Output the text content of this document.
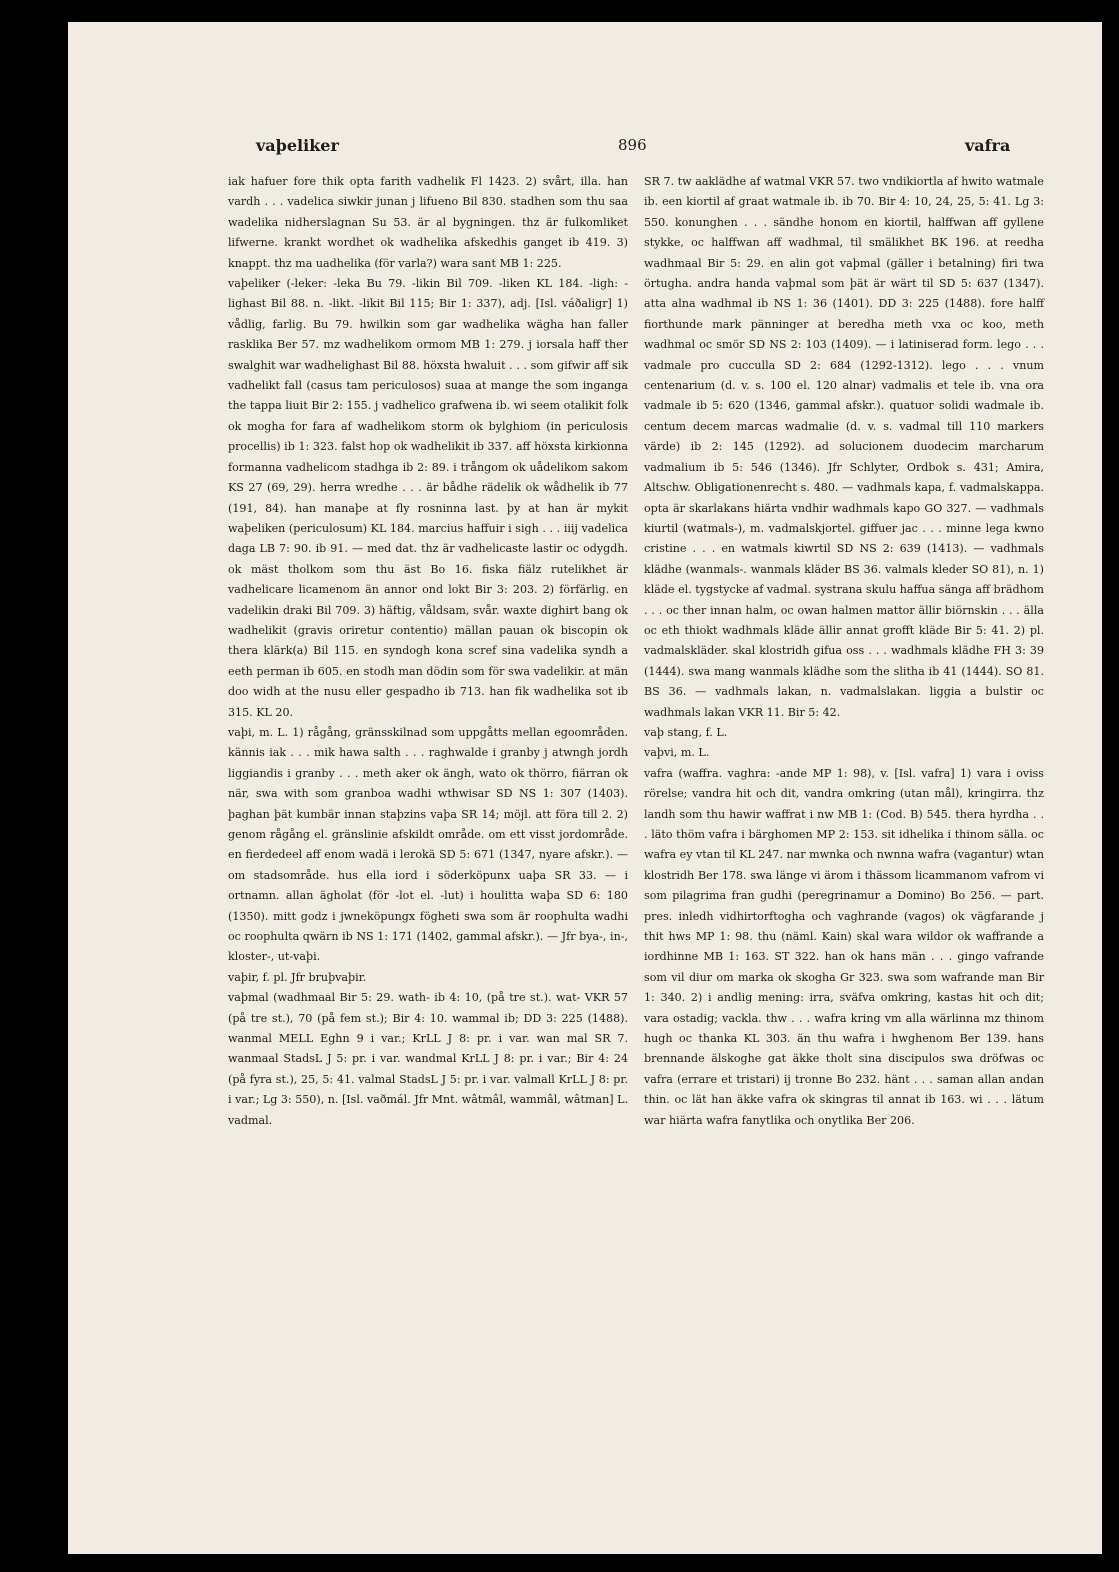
vaþeliker	896	vafra

iak hafuer fore thik opta farith vadhelik Fl 1423. 2) svårt, illa. han vardh . . . vadelica siwkir junan j lifueno Bil 830. stadhen som thu saa wadelika nidherslagnan Su 53. är al bygningen. thz är fulkomliket lifwerne. krankt wordhet ok wadhelika afskedhis ganget ib 419. 3) knappt. thz ma uadhelika (för varla?) wara sant MB 1: 225.

vaþeliker (-leker: -leka Bu 79. -likin Bil 709. -liken KL 184. -ligh: -lighast Bil 88. n. -likt. -likit Bil 115; Bir 1: 337), adj. [Isl. váðaligr] 1) vådlig, farlig. Bu 79. hwilkin som gar wadhelika wägha han faller rasklika Ber 57. mz wadhelikom ormom MB 1: 279. j iorsala haff ther swalghit war wadhelighast Bil 88. höxsta hwaluit . . . som gifwir aff sik vadhelikt fall (casus tam periculosos) suaa at mange the som inganga the tappa liuit Bir 2: 155. j vadhelico grafwena ib. wi seem otalikit folk ok mogha for fara af wadhelikom storm ok bylghiom (in periculosis procellis) ib 1: 323. falst hop ok wadhelikit ib 337. aff höxsta kirkionna formanna vadhelicom stadhga ib 2: 89. i trångom ok uådelikom sakom KS 27 (69, 29). herra wredhe . . . är bådhe rädelik ok wådhelik ib 77 (191, 84). han manaþe at fly rosninna last. þy at han är mykit waþeliken (periculosum) KL 184. marcius haffuir i sigh . . . iiij vadelica daga LB 7: 90. ib 91. — med dat. thz är vadhelicaste lastir oc odygdh. ok mäst tholkom som thu äst Bo 16. fiska fiälz rutelikhet är vadhelicare licamenom än annor ond lokt Bir 3: 203. 2) förfärlig. en vadelikin draki Bil 709. 3) häftig, våldsam, svår. waxte dighirt bang ok wadhelikit (gravis oriretur contentio) mällan pauan ok biscopin ok thera klärk(a) Bil 115. en syndogh kona scref sina vadelika syndh a eeth perman ib 605. en stodh man dödin som för swa vadelikir. at män doo widh at the nusu eller gespadho ib 713. han fik wadhelika sot ib 315. KL 20.

vaþi, m. L. 1) rågång, gränsskilnad som uppgåtts mellan egoområden. kännis iak . . . mik hawa salth . . . raghwalde i granby j atwngh jordh liggiandis i granby . . . meth aker ok ängh, wato ok thörro, fiärran ok när, swa with som granboa wadhi wthwisar SD NS 1: 307 (1403). þaghan þät kumbär innan staþzins vaþa SR 14; möjl. att föra till 2. 2) genom rågång el. gränslinie afskildt område. om ett visst jordområde. en fierdedeel aff enom wadä i lerokä SD 5: 671 (1347, nyare afskr.). — om stadsområde. hus ella iord i söderköpunx uaþa SR 33. — i ortnamn. allan ägholat (för -lot el. -lut) i houlitta waþa SD 6: 180 (1350). mitt godz i jwneköpungx fögheti swa som är roophulta wadhi oc roophulta qwärn ib NS 1: 171 (1402, gammal afskr.). — Jfr bya-, in-, kloster-, ut-vaþi.

vaþir, f. pl. Jfr bruþvaþir.

vaþmal (wadhmaal Bir 5: 29. wath- ib 4: 10, (på tre st.). wat- VKR 57 (på tre st.), 70 (på fem st.); Bir 4: 10. wammal ib; DD 3: 225 (1488). wanmal MELL Eghn 9 i var.; KrLL J 8: pr. i var. wan mal SR 7. wanmaal StadsL J 5: pr. i var. wandmal KrLL J 8: pr. i var.; Bir 4: 24 (på fyra st.), 25, 5: 41. valmal StadsL J 5: pr. i var. valmall KrLL J 8: pr. i var.; Lg 3: 550), n. [Isl. vaðmál. Jfr Mnt. wâtmâl, wammâl, wâtman] L. vadmal.

SR 7. tw aaklädhe af watmal VKR 57. two vndikiortla af hwito watmale ib. een kiortil af graat watmale ib. ib 70. Bir 4: 10, 24, 25, 5: 41. Lg 3: 550. konunghen . . . sändhe honom en kiortil, halffwan aff gyllene stykke, oc halffwan aff wadhmal, til smälikhet BK 196. at reedha wadhmaal Bir 5: 29. en alin got vaþmal (gäller i betalning) firi twa örtugha. andra handa vaþmal som þät är wärt til SD 5: 637 (1347). atta alna wadhmal ib NS 1: 36 (1401). DD 3: 225 (1488). fore halff fiorthunde mark pänninger at beredha meth vxa oc koo, meth wadhmal oc smör SD NS 2: 103 (1409). — i latiniserad form. lego . . . vadmale pro cucculla SD 2: 684 (1292-1312). lego . . . vnum centenarium (d. v. s. 100 el. 120 alnar) vadmalis et tele ib. vna ora vadmale ib 5: 620 (1346, gammal afskr.). quatuor solidi wadmale ib. centum decem marcas wadmalie (d. v. s. vadmal till 110 markers värde) ib 2: 145 (1292). ad solucionem duodecim marcharum vadmalium ib 5: 546 (1346). Jfr Schlyter, Ordbok s. 431; Amira, Altschw. Obligationenrecht s. 480. — vadhmals kapa, f. vadmalskappa. opta är skarlakans hiärta vndhir wadhmals kapo GO 327. — vadhmals kiurtil (watmals-), m. vadmalskjortel. giffuer jac . . . minne lega kwno cristine . . . en watmals kiwrtil SD NS 2: 639 (1413). — vadhmals klädhe (wanmals-. wanmals kläder BS 36. valmals kleder SO 81), n. 1) kläde el. tygstycke af vadmal. systrana skulu haffua sänga aff brädhom . . . oc ther innan halm, oc owan halmen mattor ällir biörnskin . . . älla oc eth thiokt wadhmals kläde ällir annat grofft kläde Bir 5: 41. 2) pl. vadmalskläder. skal klostridh gifua oss . . . wadhmals klädhe FH 3: 39 (1444). swa mang wanmals klädhe som the slitha ib 41 (1444). SO 81. BS 36. — vadhmals lakan, n. vadmalslakan. liggia a bulstir oc wadhmals lakan VKR 11. Bir 5: 42.

vaþ stang, f. L.

vaþvi, m. L.

vafra (waffra. vaghra: -ande MP 1: 98), v. [Isl. vafra] 1) vara i oviss rörelse; vandra hit och dit, vandra omkring (utan mål), kringirra. thz landh som thu hawir waffrat i nw MB 1: (Cod. B) 545. thera hyrdha . . . läto thöm vafra i bärghomen MP 2: 153. sit idhelika i thinom sälla. oc wafra ey vtan til KL 247. nar mwnka och nwnna wafra (vagantur) wtan klostridh Ber 178. swa länge vi ärom i thässom licammanom vafrom vi som pilagrima fran gudhi (peregrinamur a Domino) Bo 256. — part. pres. inledh vidhirtorftogha och vaghrande (vagos) ok vägfarande j thit hws MP 1: 98. thu (näml. Kain) skal wara wildor ok waffrande a iordhinne MB 1: 163. ST 322. han ok hans män . . . gingo vafrande som vil diur om marka ok skogha Gr 323. swa som wafrande man Bir 1: 340. 2) i andlig mening: irra, sväfva omkring, kastas hit och dit; vara ostadig; vackla. thw . . . wafra kring vm alla wärlinna mz thinom hugh oc thanka KL 303. än thu wafra i hwghenom Ber 139. hans brennande älskoghe gat äkke tholt sina discipulos swa dröfwas oc vafra (errare et tristari) ij tronne Bo 232. hänt . . . saman allan andan thin. oc lät han äkke vafra ok skingras til annat ib 163. wi . . . lätum war hiärta wafra fanytlika och onytlika Ber 206.
